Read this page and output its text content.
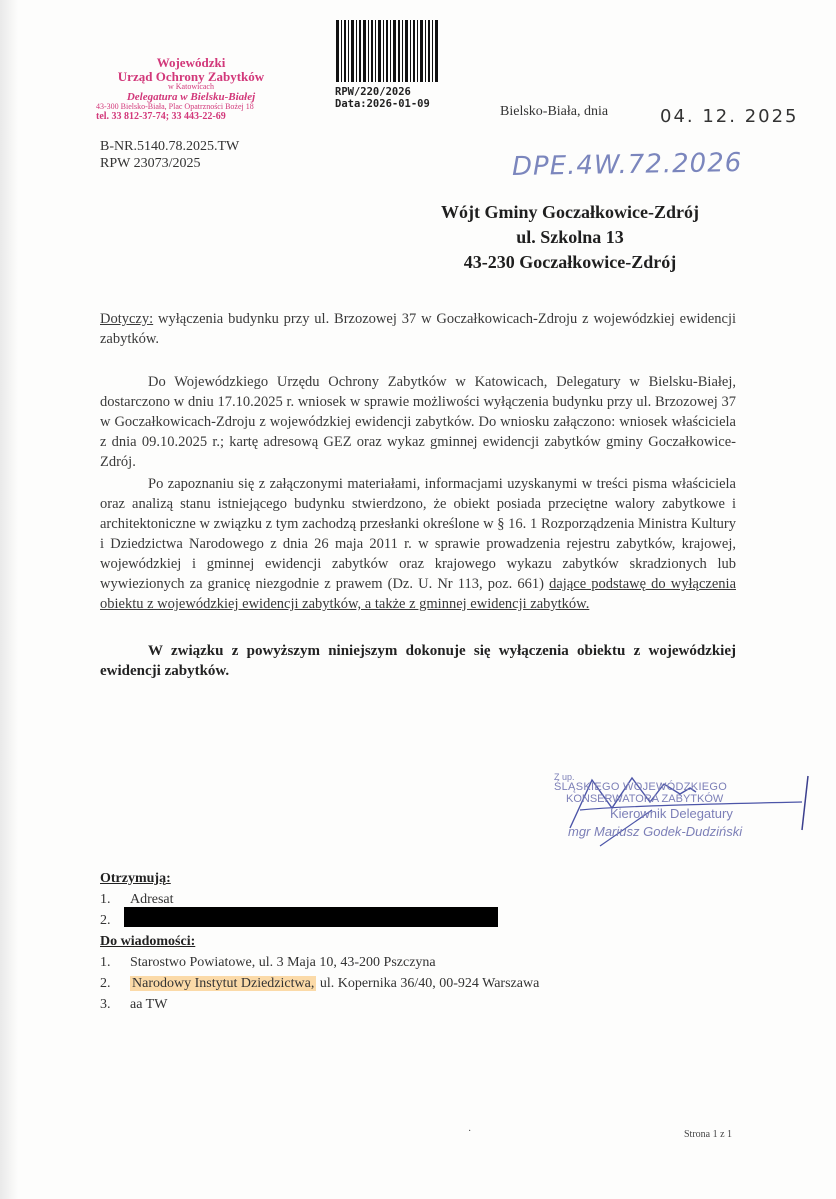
Wojewódzki
Urząd Ochrony Zabytków
w Katowicach
Delegatura w Bielsku-Białej
43-300 Bielsko-Biała, Plac Opatrzności Bożej 18
tel. 33 812-37-74; 33 443-22-69
B-NR.5140.78.2025.TW
RPW 23073/2025
RPW/220/2026
Data:2026-01-09	Bielsko-Biała, dnia	04. 12. 2025
DPE.4W.72.2026
Wójt Gminy Goczałkowice-Zdrój
ul. Szkolna 13
43-230 Goczałkowice-Zdrój
Dotyczy: wyłączenia budynku przy ul. Brzozowej 37 w Goczałkowicach-Zdroju z wojewódzkiej ewidencji zabytków.
Do Wojewódzkiego Urzędu Ochrony Zabytków w Katowicach, Delegatury w Bielsku-Białej, dostarczono w dniu 17.10.2025 r. wniosek w sprawie możliwości wyłączenia budynku przy ul. Brzozowej 37 w Goczałkowicach-Zdroju z wojewódzkiej ewidencji zabytków. Do wniosku załączono: wniosek właściciela z dnia 09.10.2025 r.; kartę adresową GEZ oraz wykaz gminnej ewidencji zabytków gminy Goczałkowice-Zdrój.
Po zapoznaniu się z załączonymi materiałami, informacjami uzyskanymi w treści pisma właściciela oraz analizą stanu istniejącego budynku stwierdzono, że obiekt posiada przeciętne walory zabytkowe i architektoniczne w związku z tym zachodzą przesłanki określone w § 16. 1 Rozporządzenia Ministra Kultury i Dziedzictwa Narodowego z dnia 26 maja 2011 r. w sprawie prowadzenia rejestru zabytków, krajowej, wojewódzkiej i gminnej ewidencji zabytków oraz krajowego wykazu zabytków skradzionych lub wywiezionych za granicę niezgodnie z prawem (Dz. U. Nr 113, poz. 661) dające podstawę do wyłączenia obiektu z wojewódzkiej ewidencji zabytków, a także z gminnej ewidencji zabytków.
W związku z powyższym niniejszym dokonuje się wyłączenia obiektu z wojewódzkiej ewidencji zabytków.
Z up.
ŚLĄSKIEGO WOJEWÓDZKIEGO
KONSERWATORA ZABYTKÓW
Kierownik Delegatury
mgr Mariusz Godek-Dudziński
Otrzymują:
1. Adresat
2.
Do wiadomości:
1. Starostwo Powiatowe, ul. 3 Maja 10, 43-200 Pszczyna
2. Narodowy Instytut Dziedzictwa, ul. Kopernika 36/40, 00-924 Warszawa
3. aa TW
·	Strona 1 z 1
